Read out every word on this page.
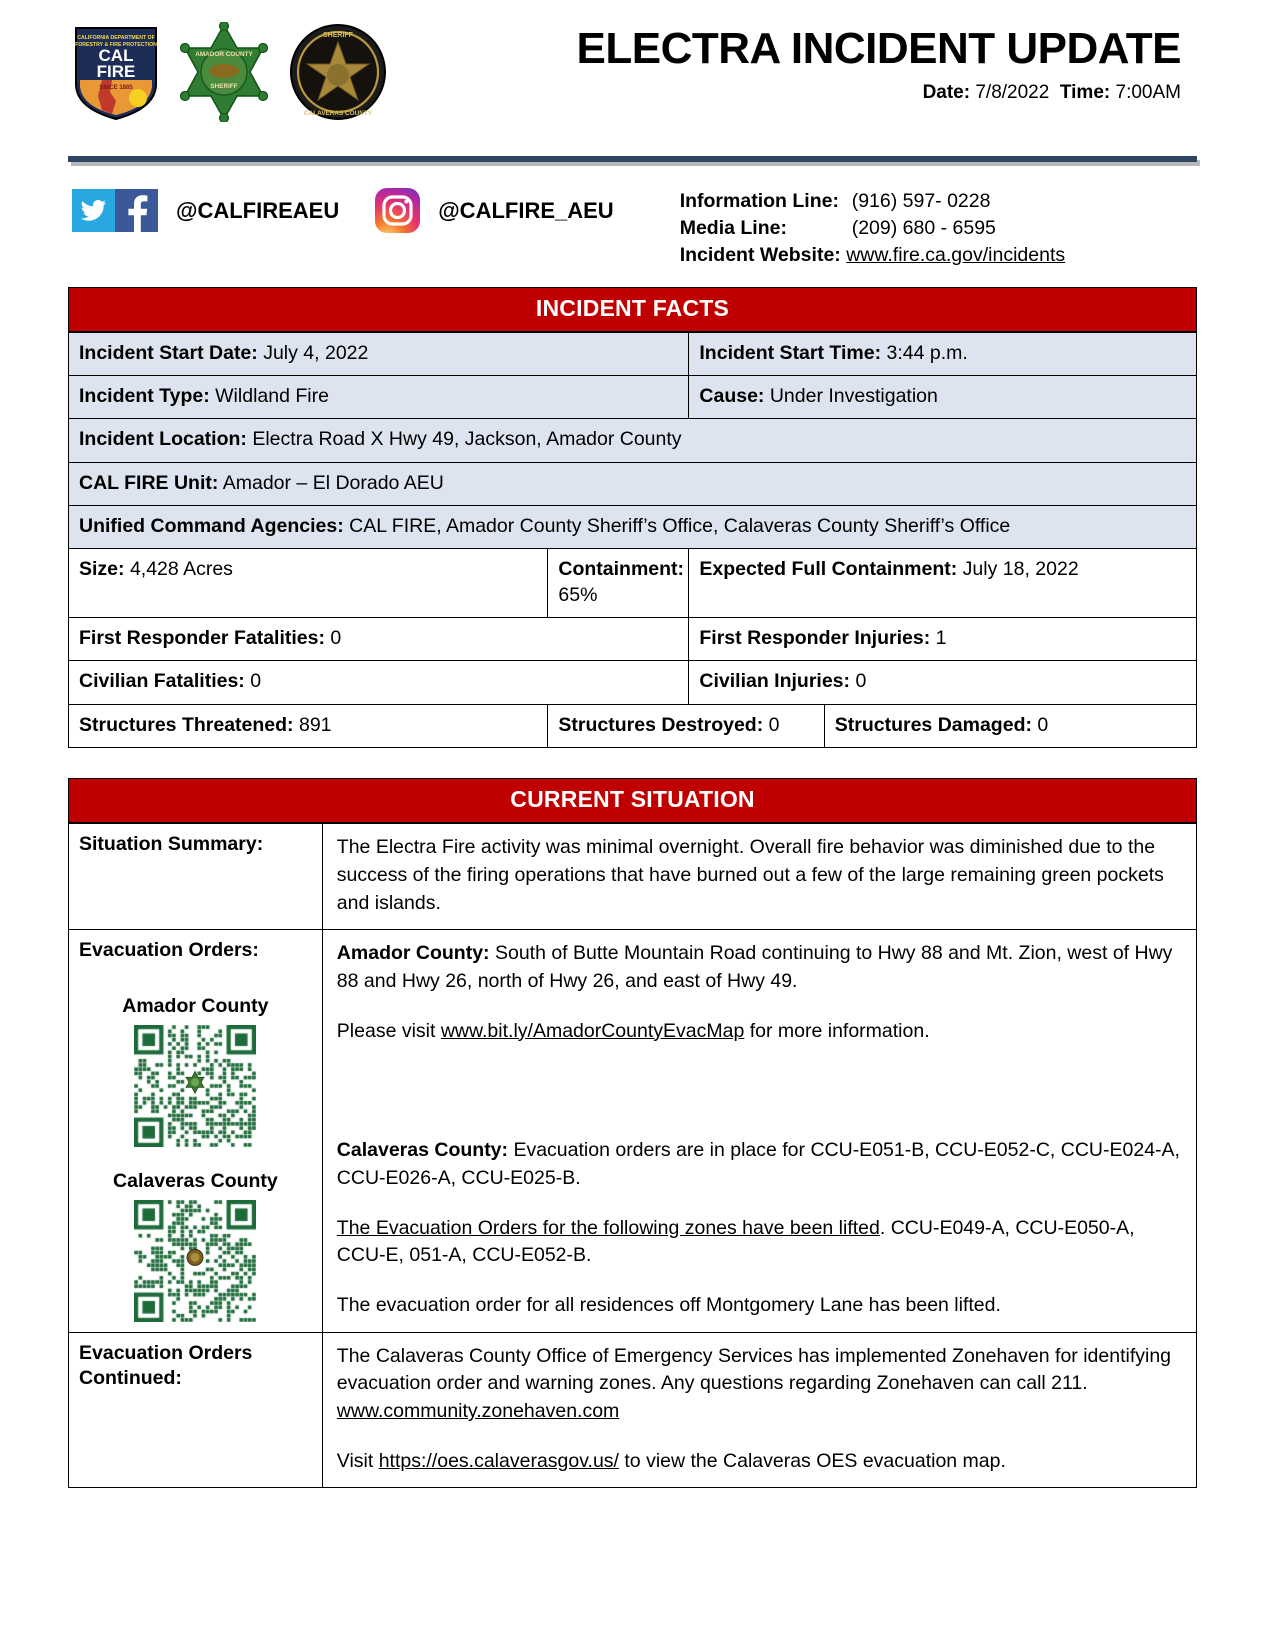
CALIFORNIA DEPARTMENT OF
FORESTRY & FIRE PROTECTION
CAL
FIRE
SINCE 1885
AMADOR COUNTY
SHERIFF
SHERIFF
CALAVERAS COUNTY
ELECTRA INCIDENT UPDATE
Date: 7/8/2022 Time: 7:00AM
@CALFIREAEU	@CALFIRE_AEU	Information Line: (916) 597- 0228
Media Line:	(209) 680 - 6595
Incident Website: www.fire.ca.gov/incidents
INCIDENT FACTS
Incident Start Date: July 4, 2022		Incident Start Time: 3:44 p.m.	
Incident Type: Wildland Fire		Cause: Under Investigation	
Incident Location: Electra Road X Hwy 49, Jackson, Amador County			
CAL FIRE Unit: Amador – El Dorado AEU			
Unified Command Agencies: CAL FIRE, Amador County Sheriff’s Office, Calaveras County Sheriff’s Office			
Size: 4,428 Acres	Containment: 65%	Expected Full Containment: July 18, 2022	
First Responder Fatalities: 0		First Responder Injuries: 1	
Civilian Fatalities: 0		Civilian Injuries: 0	
Structures Threatened: 891	Structures Destroyed: 0		Structures Damaged: 0
CURRENT SITUATION
Situation Summary:	The Electra Fire activity was minimal overnight. Overall fire behavior was diminished due to the success of the firing operations that have burned out a few of the large remaining green pockets and islands.

Evacuation Orders:
Amador County
Calaveras County

Amador County: South of Butte Mountain Road continuing to Hwy 88 and Mt. Zion, west of Hwy 88 and Hwy 26, north of Hwy 26, and east of Hwy 49.

Please visit www.bit.ly/AmadorCountyEvacMap for more information.

Calaveras County: Evacuation orders are in place for CCU-E051-B, CCU-E052-C, CCU-E024-A, CCU-E026-A, CCU-E025-B.

The Evacuation Orders for the following zones have been lifted. CCU-E049-A, CCU-E050-A, CCU-E, 051-A, CCU-E052-B.

The evacuation order for all residences off Montgomery Lane has been lifted.

Evacuation Orders Continued:	The Calaveras County Office of Emergency Services has implemented Zonehaven for identifying evacuation order and warning zones. Any questions regarding Zonehaven can call 211.
www.community.zonehaven.com

Visit https://oes.calaverasgov.us/ to view the Calaveras OES evacuation map.
